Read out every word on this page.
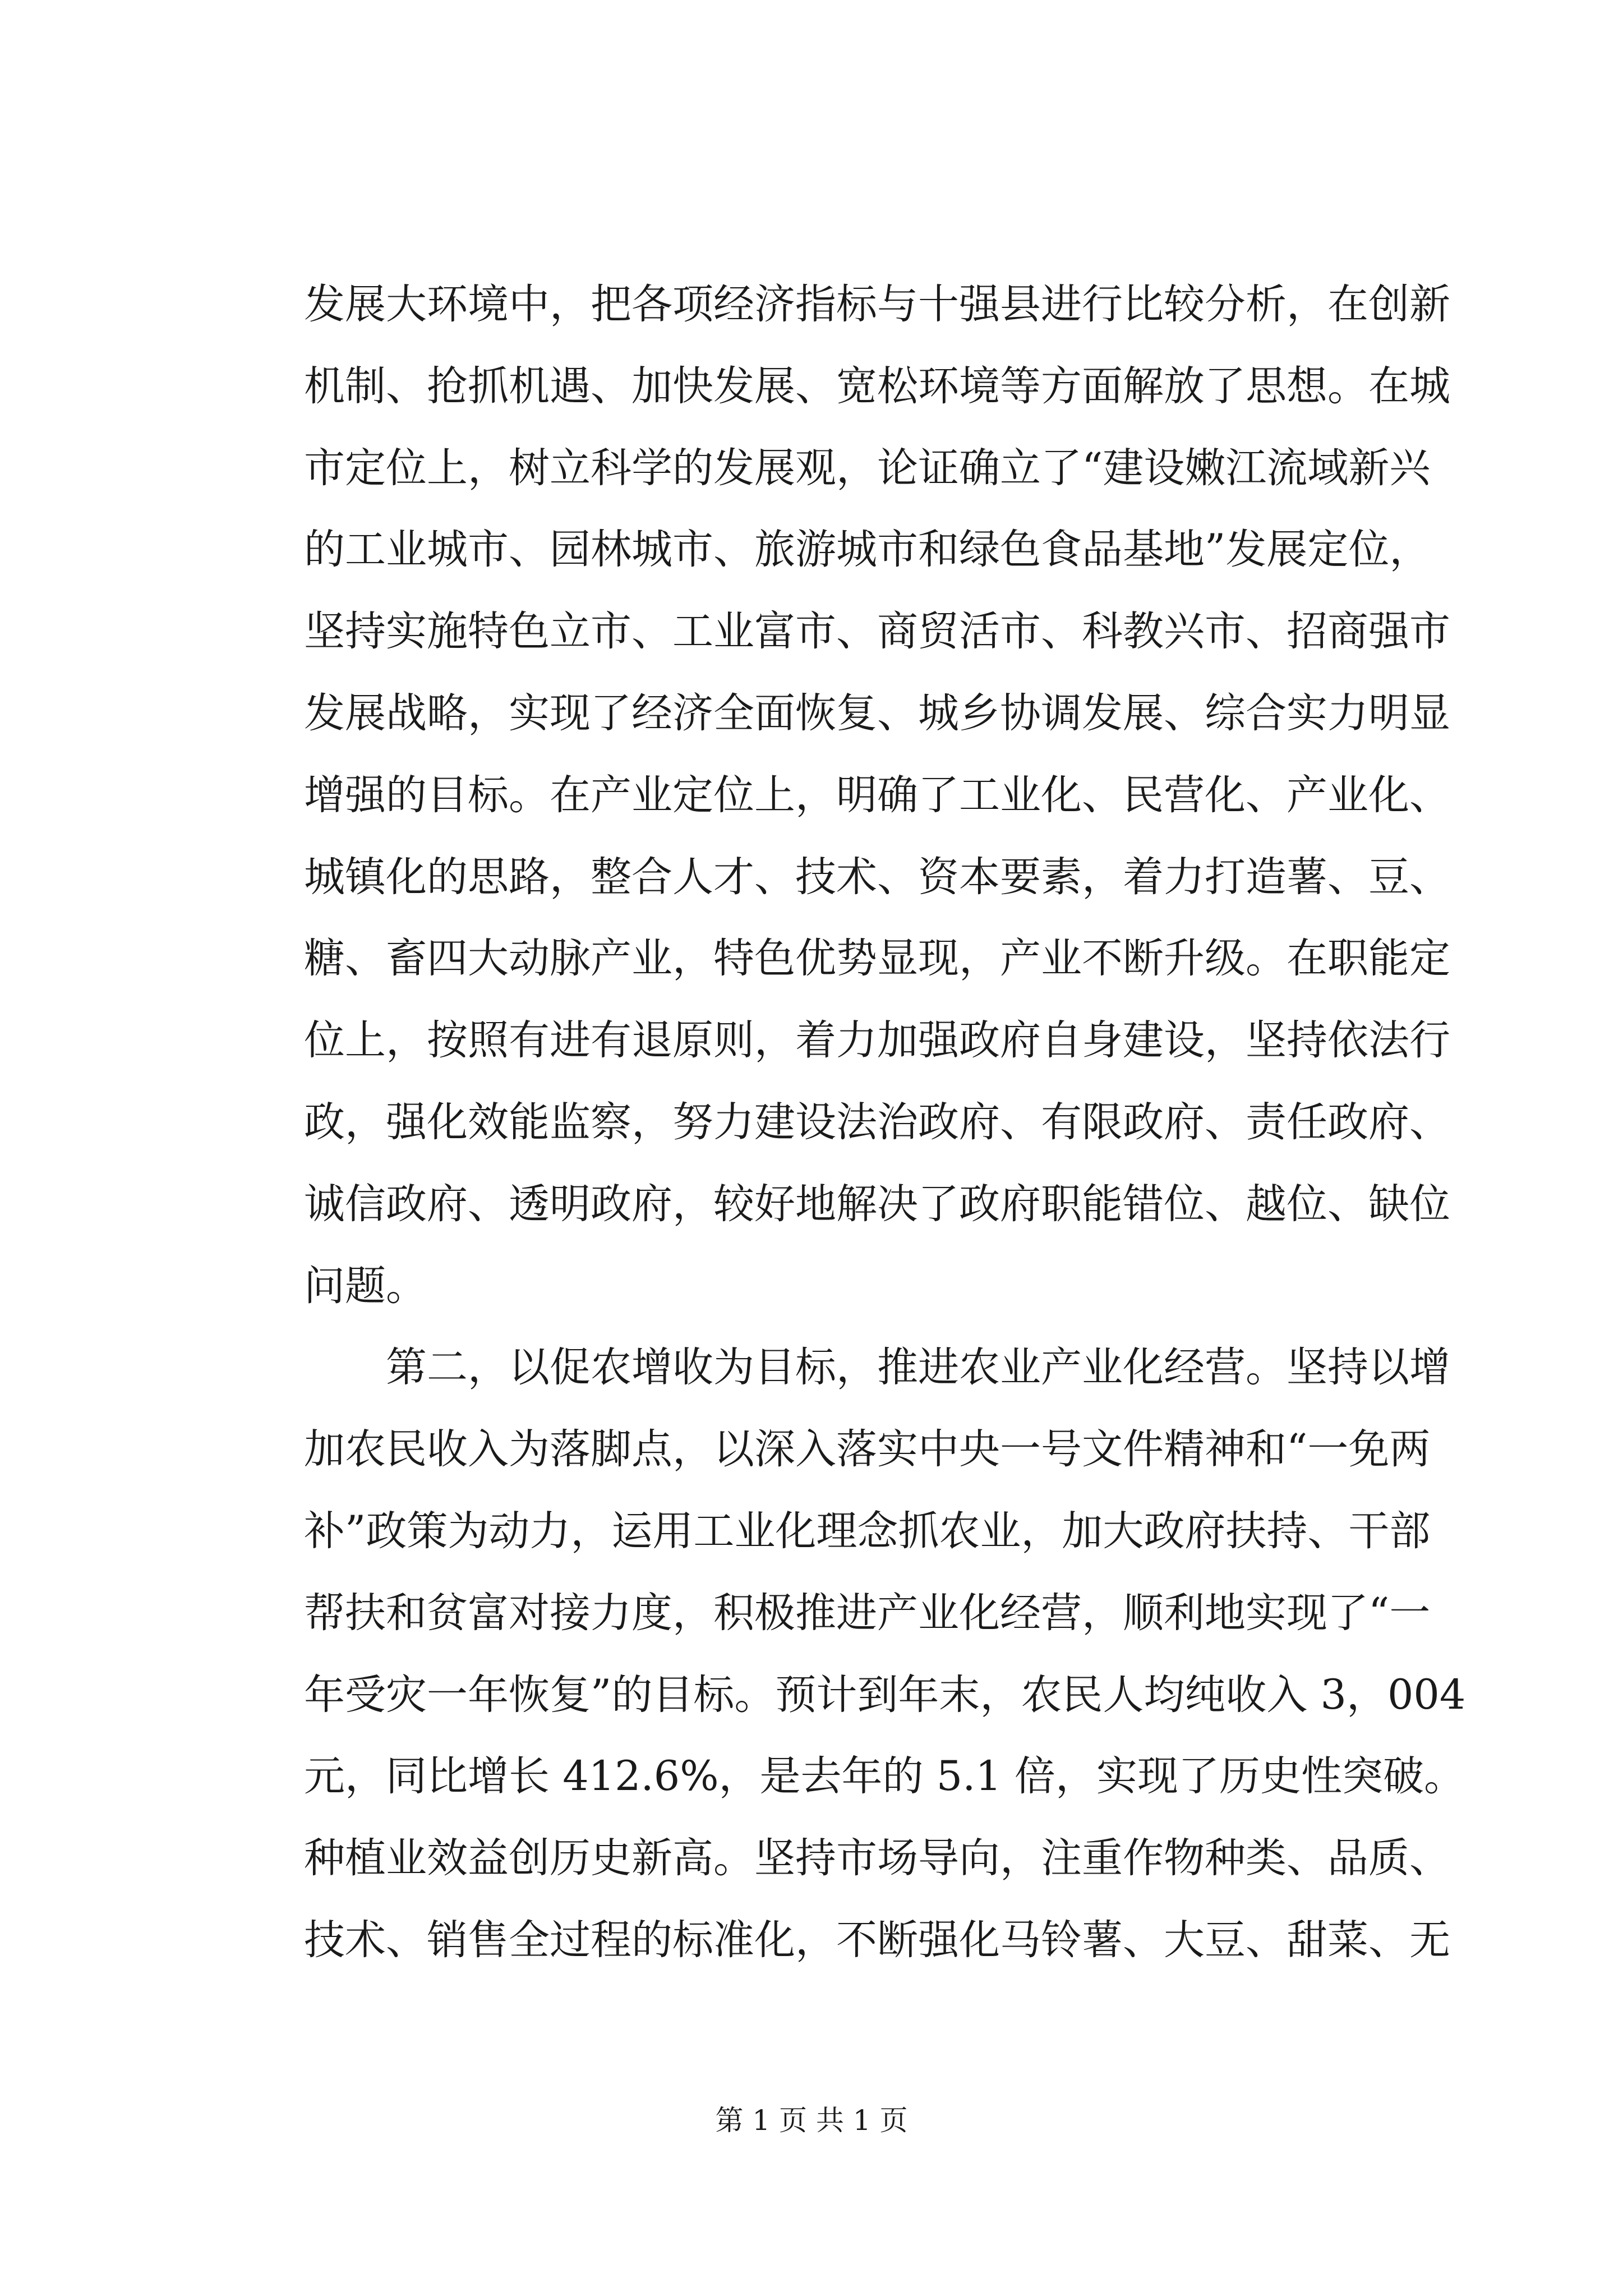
发展大环境中，把各项经济指标与十强县进行比较分析，在创新
机制、抢抓机遇、加快发展、宽松环境等方面解放了思想。在城
市定位上，树立科学的发展观，论证确立了“建设嫩江流域新兴
的工业城市、园林城市、旅游城市和绿色食品基地”发展定位，
坚持实施特色立市、工业富市、商贸活市、科教兴市、招商强市
发展战略，实现了经济全面恢复、城乡协调发展、综合实力明显
增强的目标。在产业定位上，明确了工业化、民营化、产业化、
城镇化的思路，整合人才、技术、资本要素，着力打造薯、豆、
糖、畜四大动脉产业，特色优势显现，产业不断升级。在职能定
位上，按照有进有退原则，着力加强政府自身建设，坚持依法行
政，强化效能监察，努力建设法治政府、有限政府、责任政府、
诚信政府、透明政府，较好地解决了政府职能错位、越位、缺位
问题。
　　第二，以促农增收为目标，推进农业产业化经营。坚持以增
加农民收入为落脚点，以深入落实中央一号文件精神和“一免两
补”政策为动力，运用工业化理念抓农业，加大政府扶持、干部
帮扶和贫富对接力度，积极推进产业化经营，顺利地实现了“一
年受灾一年恢复”的目标。预计到年末，农民人均纯收入 3，004
元，同比增长 412.6%，是去年的 5.1 倍，实现了历史性突破。
种植业效益创历史新高。坚持市场导向，注重作物种类、品质、
技术、销售全过程的标准化，不断强化马铃薯、大豆、甜菜、无
第 1 页 共 1 页
